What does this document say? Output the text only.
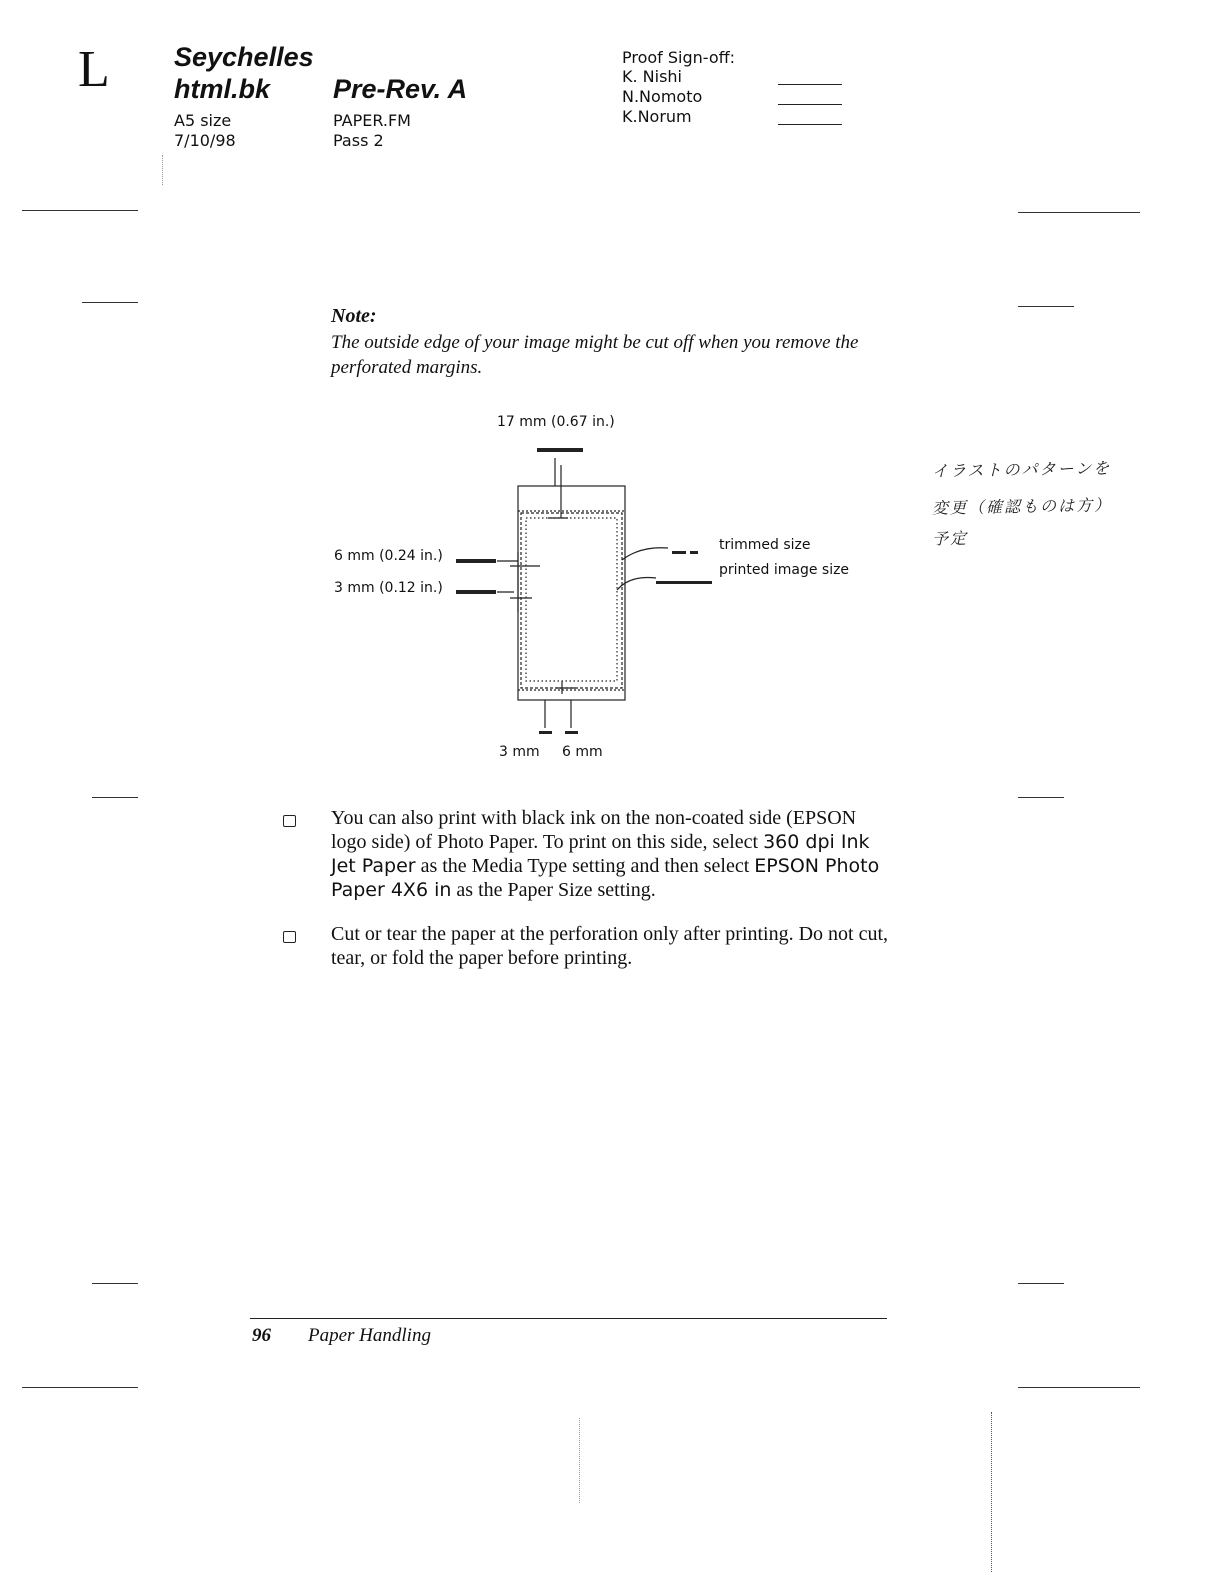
L Seychelles
html.bk Pre-Rev. A
A5 size
7/10/98
PAPER.FM
Pass 2
Proof Sign-off:
K. Nishi
N.Nomoto
K.Norum
Note:
The outside edge of your image might be cut off when you remove the perforated margins.
17 mm (0.67 in.)
6 mm (0.24 in.)
3 mm (0.12 in.)
trimmed size
printed image size
3 mm 6 mm
You can also print with black ink on the non-coated side (EPSON logo side) of Photo Paper. To print on this side, select 360 dpi Ink Jet Paper as the Media Type setting and then select EPSON Photo Paper 4X6 in as the Paper Size setting.
Cut or tear the paper at the perforation only after printing. Do not cut, tear, or fold the paper before printing.
96 Paper Handling
イラストのパターンを
変更（確認ものは方）
予定
